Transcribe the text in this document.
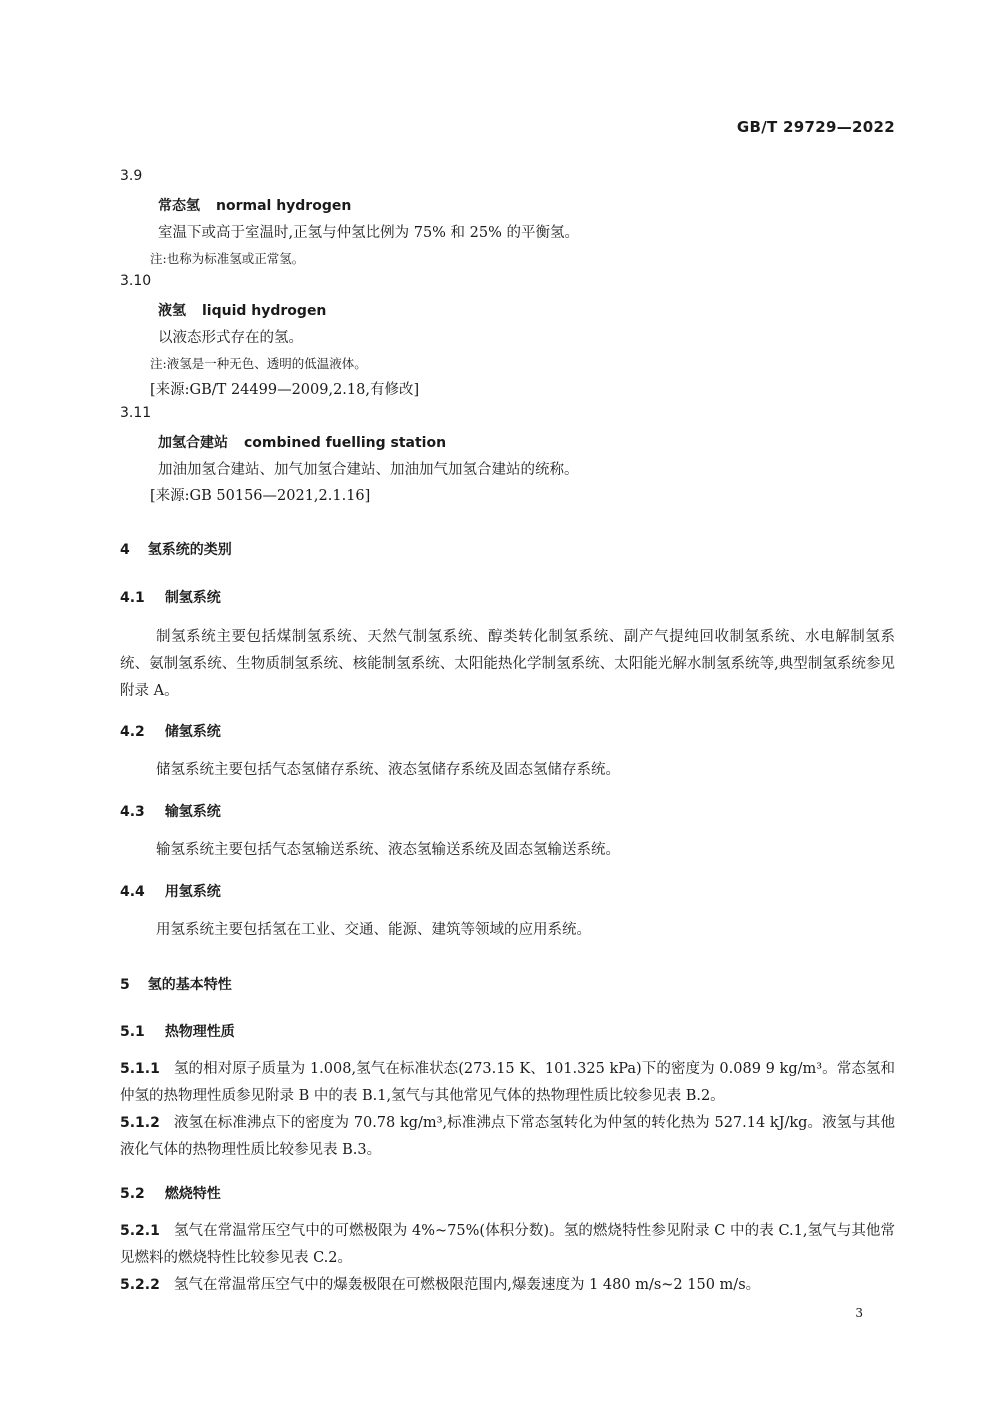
GB/T 29729—2022
3.9
常态氢 normal hydrogen
室温下或高于室温时,正氢与仲氢比例为 75% 和 25% 的平衡氢。
注:也称为标准氢或正常氢。
3.10
液氢 liquid hydrogen
以液态形式存在的氢。
注:液氢是一种无色、透明的低温液体。
[来源:GB/T 24499—2009,2.18,有修改]
3.11
加氢合建站 combined fuelling station
加油加氢合建站、加气加氢合建站、加油加气加氢合建站的统称。
[来源:GB 50156—2021,2.1.16]
4 氢系统的类别
4.1 制氢系统
制氢系统主要包括煤制氢系统、天然气制氢系统、醇类转化制氢系统、副产气提纯回收制氢系统、水电解制氢系统、氨制氢系统、生物质制氢系统、核能制氢系统、太阳能热化学制氢系统、太阳能光解水制氢系统等,典型制氢系统参见附录 A。
4.2 储氢系统
储氢系统主要包括气态氢储存系统、液态氢储存系统及固态氢储存系统。
4.3 输氢系统
输氢系统主要包括气态氢输送系统、液态氢输送系统及固态氢输送系统。
4.4 用氢系统
用氢系统主要包括氢在工业、交通、能源、建筑等领域的应用系统。
5 氢的基本特性
5.1 热物理性质
5.1.1 氢的相对原子质量为 1.008,氢气在标准状态(273.15 K、101.325 kPa)下的密度为 0.089 9 kg/m³。常态氢和仲氢的热物理性质参见附录 B 中的表 B.1,氢气与其他常见气体的热物理性质比较参见表 B.2。
5.1.2 液氢在标准沸点下的密度为 70.78 kg/m³,标准沸点下常态氢转化为仲氢的转化热为 527.14 kJ/kg。液氢与其他液化气体的热物理性质比较参见表 B.3。
5.2 燃烧特性
5.2.1 氢气在常温常压空气中的可燃极限为 4%~75%(体积分数)。氢的燃烧特性参见附录 C 中的表 C.1,氢气与其他常见燃料的燃烧特性比较参见表 C.2。
5.2.2 氢气在常温常压空气中的爆轰极限在可燃极限范围内,爆轰速度为 1 480 m/s~2 150 m/s。
3
